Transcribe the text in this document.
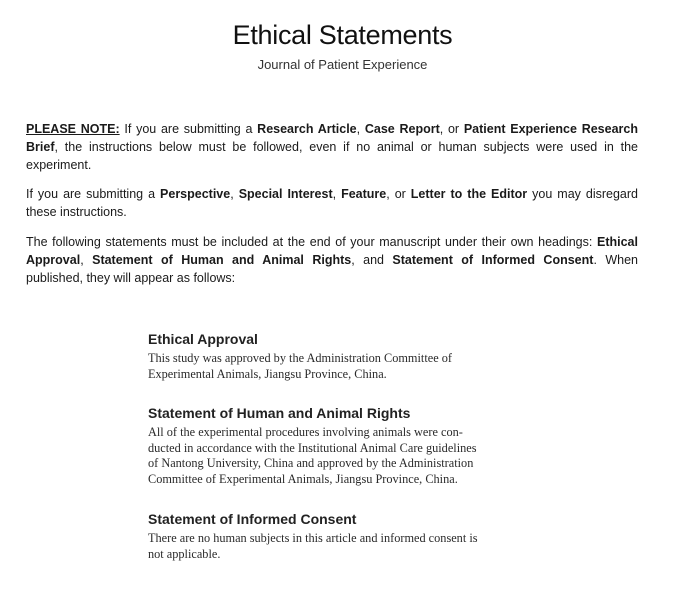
Ethical Statements
Journal of Patient Experience

PLEASE NOTE: If you are submitting a Research Article, Case Report, or Patient Experience Research Brief, the instructions below must be followed, even if no animal or human subjects were used in the experiment.

If you are submitting a Perspective, Special Interest, Feature, or Letter to the Editor you may disregard these instructions.

The following statements must be included at the end of your manuscript under their own headings: Ethical Approval, Statement of Human and Animal Rights, and Statement of Informed Consent. When published, they will appear as follows:

Ethical Approval
This study was approved by the Administration Committee of
Experimental Animals, Jiangsu Province, China.
Statement of Human and Animal Rights
All of the experimental procedures involving animals were con-
ducted in accordance with the Institutional Animal Care guidelines
of Nantong University, China and approved by the Administration
Committee of Experimental Animals, Jiangsu Province, China.
Statement of Informed Consent
There are no human subjects in this article and informed consent is
not applicable.
